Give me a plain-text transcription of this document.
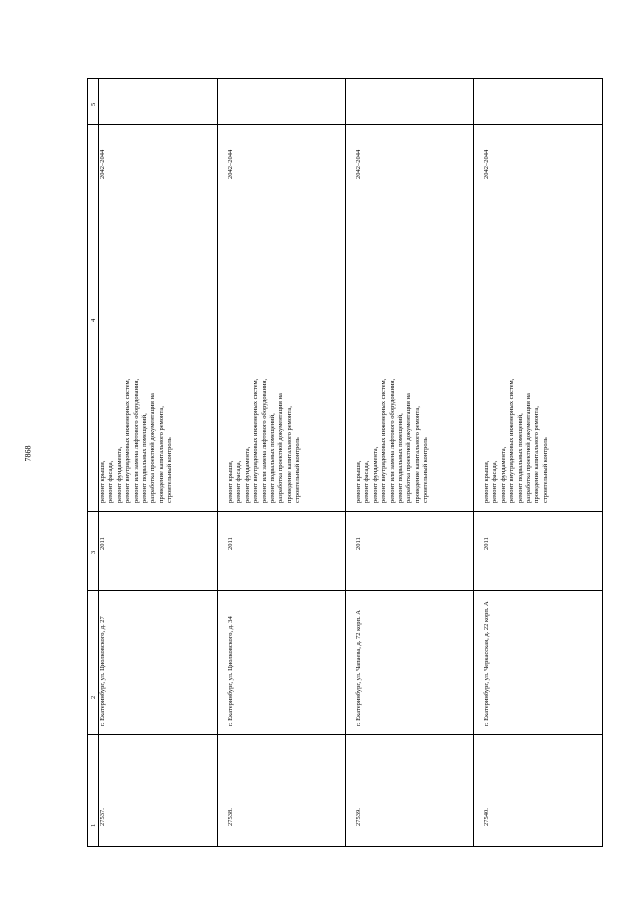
7868
1
2
3
4
5
27537.
г. Екатеринбург, ул. Циолковского, д. 27
2011
ремонт крыши, ремонт фасада, ремонт фундамента, ремонт внутридомовых инженерных систем, ремонт или замена лифтового оборудования, ремонт подвальных помещений, разработка проектной документации на проведение капитального ремонта, строительный контроль
2042–2044
27538.
г. Екатеринбург, ул. Циолковского, д. 34
2011
ремонт крыши, ремонт фасада, ремонт фундамента, ремонт внутридомовых инженерных систем, ремонт или замена лифтового оборудования, ремонт подвальных помещений, разработка проектной документации на проведение капитального ремонта, строительный контроль
2042–2044
27539.
г. Екатеринбург, ул. Чапаева, д. 72 корп. А
2011
ремонт крыши, ремонт фасада, ремонт фундамента, ремонт внутридомовых инженерных систем, ремонт или замена лифтового оборудования, ремонт подвальных помещений, разработка проектной документации на проведение капитального ремонта, строительный контроль
2042–2044
27540.
г. Екатеринбург, ул. Черкасская, д. 22 корп. А
2011
ремонт крыши, ремонт фасада, ремонт фундамента, ремонт внутридомовых инженерных систем, ремонт подвальных помещений, разработка проектной документации на проведение капитального ремонта, строительный контроль
2042–2044
